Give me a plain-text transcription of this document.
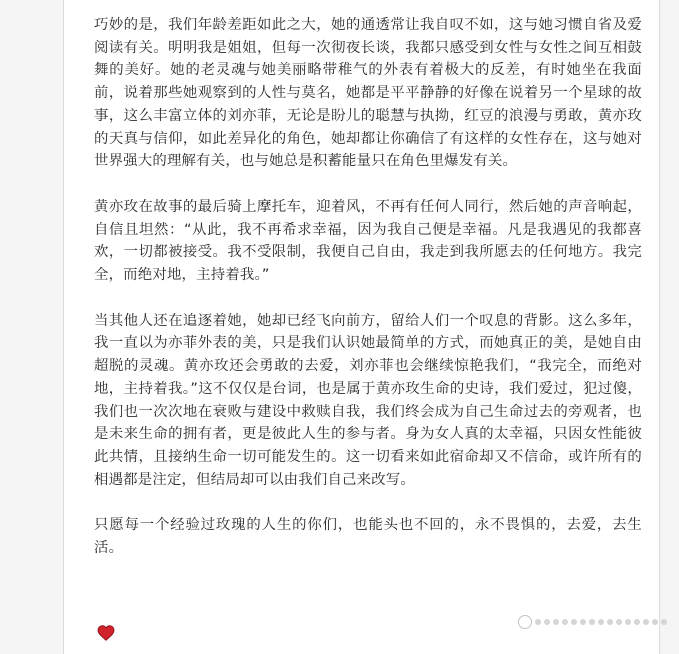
巧妙的是，我们年龄差距如此之大，她的通透常让我自叹不如，这与她习惯自省及爱阅读有关。明明我是姐姐，但每一次彻夜长谈，我都只感受到女性与女性之间互相鼓舞的美好。她的老灵魂与她美丽略带稚气的外表有着极大的反差，有时她坐在我面前，说着那些她观察到的人性与莫名，她都是平平静静的好像在说着另一个星球的故事，这么丰富立体的刘亦菲，无论是盼儿的聪慧与执拗，红豆的浪漫与勇敢，黄亦玫的天真与信仰，如此差异化的角色，她却都让你确信了有这样的女性存在，这与她对世界强大的理解有关，也与她总是积蓄能量只在角色里爆发有关。

黄亦玫在故事的最后骑上摩托车，迎着风，不再有任何人同行，然后她的声音响起，自信且坦然：“从此，我不再希求幸福，因为我自己便是幸福。凡是我遇见的我都喜欢，一切都被接受。我不受限制，我便自己自由，我走到我所愿去的任何地方。我完全，而绝对地，主持着我。”

当其他人还在追逐着她，她却已经飞向前方，留给人们一个叹息的背影。这么多年，我一直以为亦菲外表的美，只是我们认识她最简单的方式，而她真正的美，是她自由超脱的灵魂。黄亦玫还会勇敢的去爱，刘亦菲也会继续惊艳我们，“我完全，而绝对地，主持着我。”这不仅仅是台词，也是属于黄亦玫生命的史诗，我们爱过，犯过傻，我们也一次次地在衰败与建设中救赎自我，我们终会成为自己生命过去的旁观者，也是未来生命的拥有者，更是彼此人生的参与者。身为女人真的太幸福，只因女性能彼此共情，且接纳生命一切可能发生的。这一切看来如此宿命却又不信命，或许所有的相遇都是注定，但结局却可以由我们自己来改写。

只愿每一个经验过玫瑰的人生的你们，也能头也不回的，永不畏惧的，去爱，去生活。
